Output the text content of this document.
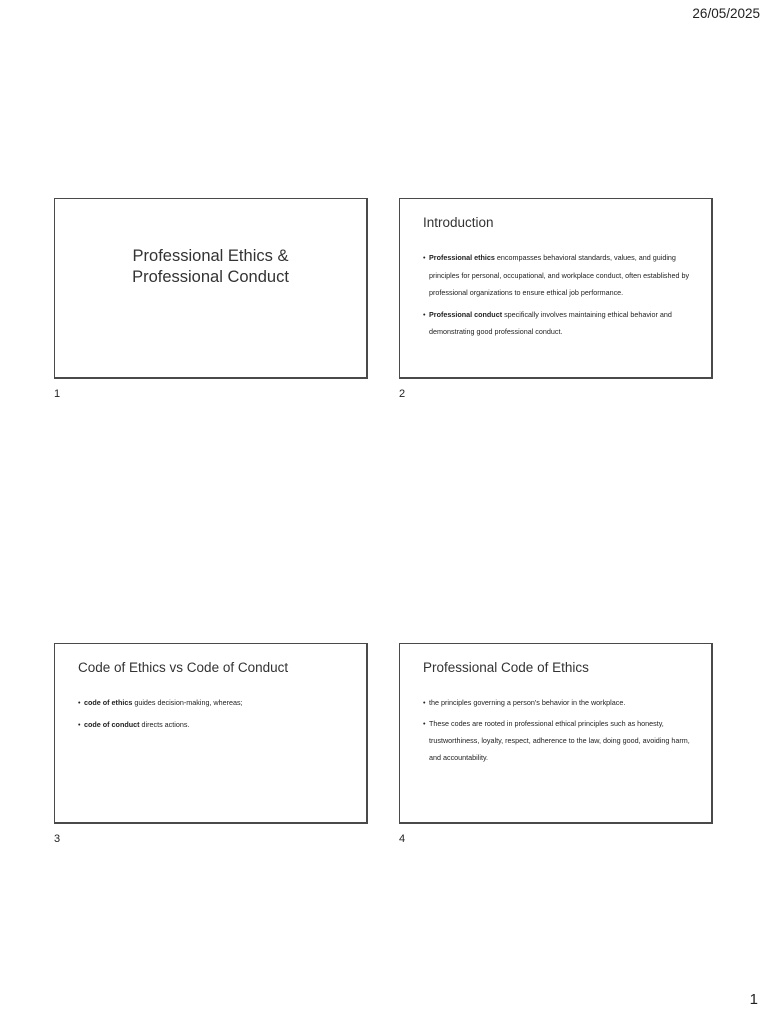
26/05/2025
Professional Ethics &
Professional Conduct
1
Introduction
• Professional ethics encompasses behavioral standards, values, and guiding principles for personal, occupational, and workplace conduct, often established by professional organizations to ensure ethical job performance.
• Professional conduct specifically involves maintaining ethical behavior and demonstrating good professional conduct.
2
Code of Ethics vs Code of Conduct
• code of ethics guides decision-making, whereas;
• code of conduct directs actions.
3
Professional Code of Ethics
• the principles governing a person's behavior in the workplace.
• These codes are rooted in professional ethical principles such as honesty, trustworthiness, loyalty, respect, adherence to the law, doing good, avoiding harm, and accountability.
4
1
